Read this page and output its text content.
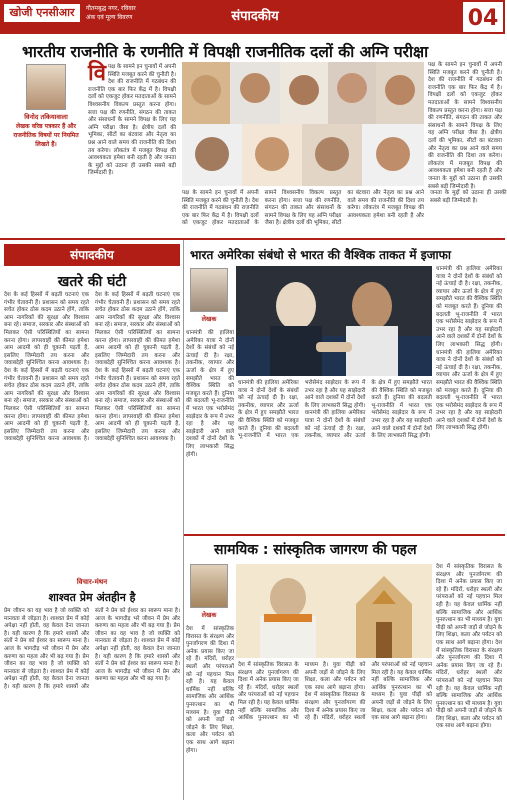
खोजी एनसीआर	गौतमबुद्ध नगर, रविवार
अंक एवं मूल्य विवरण	संपादकीय	04
भारतीय राजनीति के रणनीति में विपक्षी राजनीतिक दलों की अग्नि परीक्षा
विनोद तकियावाला
लेखक वरिष्ठ पत्रकार हैं और राजनीतिक विषयों पर नियमित लिखते हैं।
विपक्ष के सामने इन चुनावों में अपनी स्थिति मजबूत करने की चुनौती है। देश की राजनीति में गठबंधन की राजनीति एक बार फिर केंद्र में है। विपक्षी दलों को एकजुट होकर मतदाताओं के सामने विश्वसनीय विकल्प प्रस्तुत करना होगा। सत्ता पक्ष की रणनीति, संगठन की ताकत और संसाधनों के सामने विपक्ष के लिए यह अग्नि परीक्षा जैसा है। क्षेत्रीय दलों की भूमिका, सीटों का बंटवारा और नेतृत्व का प्रश्न आने वाले समय की राजनीति की दिशा तय करेगा। लोकतंत्र में मजबूत विपक्ष की आवश्यकता हमेशा बनी रहती है और जनता के मुद्दों को उठाना ही उसकी सबसे बड़ी जिम्मेदारी है।
पक्ष के सामने इन चुनावों में अपनी स्थिति मजबूत करने की चुनौती है। देश की राजनीति में गठबंधन की राजनीति एक बार फिर केंद्र में है। विपक्षी दलों को एकजुट होकर मतदाताओं के सामने विश्वसनीय विकल्प प्रस्तुत करना होगा। सत्ता पक्ष की रणनीति, संगठन की ताकत और संसाधनों के सामने विपक्ष के लिए यह अग्नि परीक्षा जैसा है। क्षेत्रीय दलों की भूमिका, सीटों का बंटवारा और नेतृत्व का प्रश्न आने वाले समय की राजनीति की दिशा तय करेगा। लोकतंत्र में मजबूत विपक्ष की आवश्यकता हमेशा बनी रहती है और जनता के मुद्दों को उठाना ही उसकी सबसे बड़ी जिम्मेदारी है।
पक्ष के सामने इन चुनावों में अपनी स्थिति मजबूत करने की चुनौती है। देश की राजनीति में गठबंधन की राजनीति एक बार फिर केंद्र में है। विपक्षी दलों को एकजुट होकर मतदाताओं के सामने विश्वसनीय विकल्प प्रस्तुत करना होगा। सत्ता पक्ष की रणनीति, संगठन की ताकत और संसाधनों के सामने विपक्ष के लिए यह अग्नि परीक्षा जैसा है। क्षेत्रीय दलों की भूमिका, सीटों का बंटवारा और नेतृत्व का प्रश्न आने वाले समय की राजनीति की दिशा तय करेगा। लोकतंत्र में मजबूत विपक्ष की आवश्यकता हमेशा बनी रहती है और जनता के मुद्दों को उठाना ही उसकी सबसे बड़ी जिम्मेदारी है।
संपादकीय
खतरे की घंटी
देश के कई हिस्सों में बढ़ती घटनाएं एक गंभीर चेतावनी हैं। प्रशासन को समय रहते सचेत होकर ठोस कदम उठाने होंगे, ताकि आम नागरिकों की सुरक्षा और विश्वास बना रहे। समाज, सरकार और संस्थाओं को मिलकर ऐसी परिस्थितियों का सामना करना होगा। लापरवाही की कीमत हमेशा आम आदमी को ही चुकानी पड़ती है, इसलिए जिम्मेदारी तय करना और जवाबदेही सुनिश्चित करना आवश्यक है। देश के कई हिस्सों में बढ़ती घटनाएं एक गंभीर चेतावनी हैं। प्रशासन को समय रहते सचेत होकर ठोस कदम उठाने होंगे, ताकि आम नागरिकों की सुरक्षा और विश्वास बना रहे। समाज, सरकार और संस्थाओं को मिलकर ऐसी परिस्थितियों का सामना करना होगा। लापरवाही की कीमत हमेशा आम आदमी को ही चुकानी पड़ती है, इसलिए जिम्मेदारी तय करना और जवाबदेही सुनिश्चित करना आवश्यक है। देश के कई हिस्सों में बढ़ती घटनाएं एक गंभीर चेतावनी हैं। प्रशासन को समय रहते सचेत होकर ठोस कदम उठाने होंगे, ताकि आम नागरिकों की सुरक्षा और विश्वास बना रहे। समाज, सरकार और संस्थाओं को मिलकर ऐसी परिस्थितियों का सामना करना होगा। लापरवाही की कीमत हमेशा आम आदमी को ही चुकानी पड़ती है, इसलिए जिम्मेदारी तय करना और जवाबदेही सुनिश्चित करना आवश्यक है। देश के कई हिस्सों में बढ़ती घटनाएं एक गंभीर चेतावनी हैं। प्रशासन को समय रहते सचेत होकर ठोस कदम उठाने होंगे, ताकि आम नागरिकों की सुरक्षा और विश्वास बना रहे। समाज, सरकार और संस्थाओं को मिलकर ऐसी परिस्थितियों का सामना करना होगा। लापरवाही की कीमत हमेशा आम आदमी को ही चुकानी पड़ती है, इसलिए जिम्मेदारी तय करना और जवाबदेही सुनिश्चित करना आवश्यक है।
विचार-मंथन
शाश्वत प्रेम अंतहीन है
प्रेम जीवन का वह भाव है जो व्यक्ति को मानवता से जोड़ता है। शाश्वत प्रेम में कोई अपेक्षा नहीं होती, वह केवल देना जानता है। यही कारण है कि हमारे शास्त्रों और संतों ने प्रेम को ईश्वर का स्वरूप माना है। आज के भागदौड़ भरे जीवन में प्रेम और करुणा का महत्व और भी बढ़ गया है। प्रेम जीवन का वह भाव है जो व्यक्ति को मानवता से जोड़ता है। शाश्वत प्रेम में कोई अपेक्षा नहीं होती, वह केवल देना जानता है। यही कारण है कि हमारे शास्त्रों और संतों ने प्रेम को ईश्वर का स्वरूप माना है। आज के भागदौड़ भरे जीवन में प्रेम और करुणा का महत्व और भी बढ़ गया है। प्रेम जीवन का वह भाव है जो व्यक्ति को मानवता से जोड़ता है। शाश्वत प्रेम में कोई अपेक्षा नहीं होती, वह केवल देना जानता है। यही कारण है कि हमारे शास्त्रों और संतों ने प्रेम को ईश्वर का स्वरूप माना है। आज के भागदौड़ भरे जीवन में प्रेम और करुणा का महत्व और भी बढ़ गया है।
भारत अमेरिका संबंधो से भारत की वैश्विक ताकत में इजाफा
लेखक
धानमंत्री की हालिया अमेरिका यात्रा ने दोनों देशों के संबंधों को नई ऊंचाई दी है। रक्षा, तकनीक, व्यापार और ऊर्जा के क्षेत्र में हुए समझौते भारत की वैश्विक स्थिति को मजबूत करते हैं। दुनिया की बदलती भू-राजनीति में भारत एक भरोसेमंद साझेदार के रूप में उभर रहा है और यह साझेदारी आने वाले दशकों में दोनों देशों के लिए लाभकारी सिद्ध होगी।
धानमंत्री की हालिया अमेरिका यात्रा ने दोनों देशों के संबंधों को नई ऊंचाई दी है। रक्षा, तकनीक, व्यापार और ऊर्जा के क्षेत्र में हुए समझौते भारत की वैश्विक स्थिति को मजबूत करते हैं। दुनिया की बदलती भू-राजनीति में भारत एक भरोसेमंद साझेदार के रूप में उभर रहा है और यह साझेदारी आने वाले दशकों में दोनों देशों के लिए लाभकारी सिद्ध होगी। धानमंत्री की हालिया अमेरिका यात्रा ने दोनों देशों के संबंधों को नई ऊंचाई दी है। रक्षा, तकनीक, व्यापार और ऊर्जा के क्षेत्र में हुए समझौते भारत की वैश्विक स्थिति को मजबूत करते हैं। दुनिया की बदलती भू-राजनीति में भारत एक भरोसेमंद साझेदार के रूप में उभर रहा है और यह साझेदारी आने वाले दशकों में दोनों देशों के लिए लाभकारी सिद्ध होगी।
धानमंत्री की हालिया अमेरिका यात्रा ने दोनों देशों के संबंधों को नई ऊंचाई दी है। रक्षा, तकनीक, व्यापार और ऊर्जा के क्षेत्र में हुए समझौते भारत की वैश्विक स्थिति को मजबूत करते हैं। दुनिया की बदलती भू-राजनीति में भारत एक भरोसेमंद साझेदार के रूप में उभर रहा है और यह साझेदारी आने वाले दशकों में दोनों देशों के लिए लाभकारी सिद्ध होगी। धानमंत्री की हालिया अमेरिका यात्रा ने दोनों देशों के संबंधों को नई ऊंचाई दी है। रक्षा, तकनीक, व्यापार और ऊर्जा के क्षेत्र में हुए समझौते भारत की वैश्विक स्थिति को मजबूत करते हैं। दुनिया की बदलती भू-राजनीति में भारत एक भरोसेमंद साझेदार के रूप में उभर रहा है और यह साझेदारी आने वाले दशकों में दोनों देशों के लिए लाभकारी सिद्ध होगी।
सामयिक : सांस्कृतिक जागरण की पहल
लेखक
देश में सांस्कृतिक विरासत के संरक्षण और पुनर्जागरण की दिशा में अनेक प्रयास किए जा रहे हैं। मंदिरों, धरोहर स्थलों और परंपराओं को नई पहचान मिल रही है। यह केवल धार्मिक नहीं बल्कि सामाजिक और आर्थिक पुनरुत्थान का भी माध्यम है। युवा पीढ़ी को अपनी जड़ों से जोड़ने के लिए शिक्षा, कला और पर्यटन को एक साथ आगे बढ़ाना होगा।
देश में सांस्कृतिक विरासत के संरक्षण और पुनर्जागरण की दिशा में अनेक प्रयास किए जा रहे हैं। मंदिरों, धरोहर स्थलों और परंपराओं को नई पहचान मिल रही है। यह केवल धार्मिक नहीं बल्कि सामाजिक और आर्थिक पुनरुत्थान का भी माध्यम है। युवा पीढ़ी को अपनी जड़ों से जोड़ने के लिए शिक्षा, कला और पर्यटन को एक साथ आगे बढ़ाना होगा। देश में सांस्कृतिक विरासत के संरक्षण और पुनर्जागरण की दिशा में अनेक प्रयास किए जा रहे हैं। मंदिरों, धरोहर स्थलों और परंपराओं को नई पहचान मिल रही है। यह केवल धार्मिक नहीं बल्कि सामाजिक और आर्थिक पुनरुत्थान का भी माध्यम है। युवा पीढ़ी को अपनी जड़ों से जोड़ने के लिए शिक्षा, कला और पर्यटन को एक साथ आगे बढ़ाना होगा।
देश में सांस्कृतिक विरासत के संरक्षण और पुनर्जागरण की दिशा में अनेक प्रयास किए जा रहे हैं। मंदिरों, धरोहर स्थलों और परंपराओं को नई पहचान मिल रही है। यह केवल धार्मिक नहीं बल्कि सामाजिक और आर्थिक पुनरुत्थान का भी माध्यम है। युवा पीढ़ी को अपनी जड़ों से जोड़ने के लिए शिक्षा, कला और पर्यटन को एक साथ आगे बढ़ाना होगा। देश में सांस्कृतिक विरासत के संरक्षण और पुनर्जागरण की दिशा में अनेक प्रयास किए जा रहे हैं। मंदिरों, धरोहर स्थलों और परंपराओं को नई पहचान मिल रही है। यह केवल धार्मिक नहीं बल्कि सामाजिक और आर्थिक पुनरुत्थान का भी माध्यम है। युवा पीढ़ी को अपनी जड़ों से जोड़ने के लिए शिक्षा, कला और पर्यटन को एक साथ आगे बढ़ाना होगा।
